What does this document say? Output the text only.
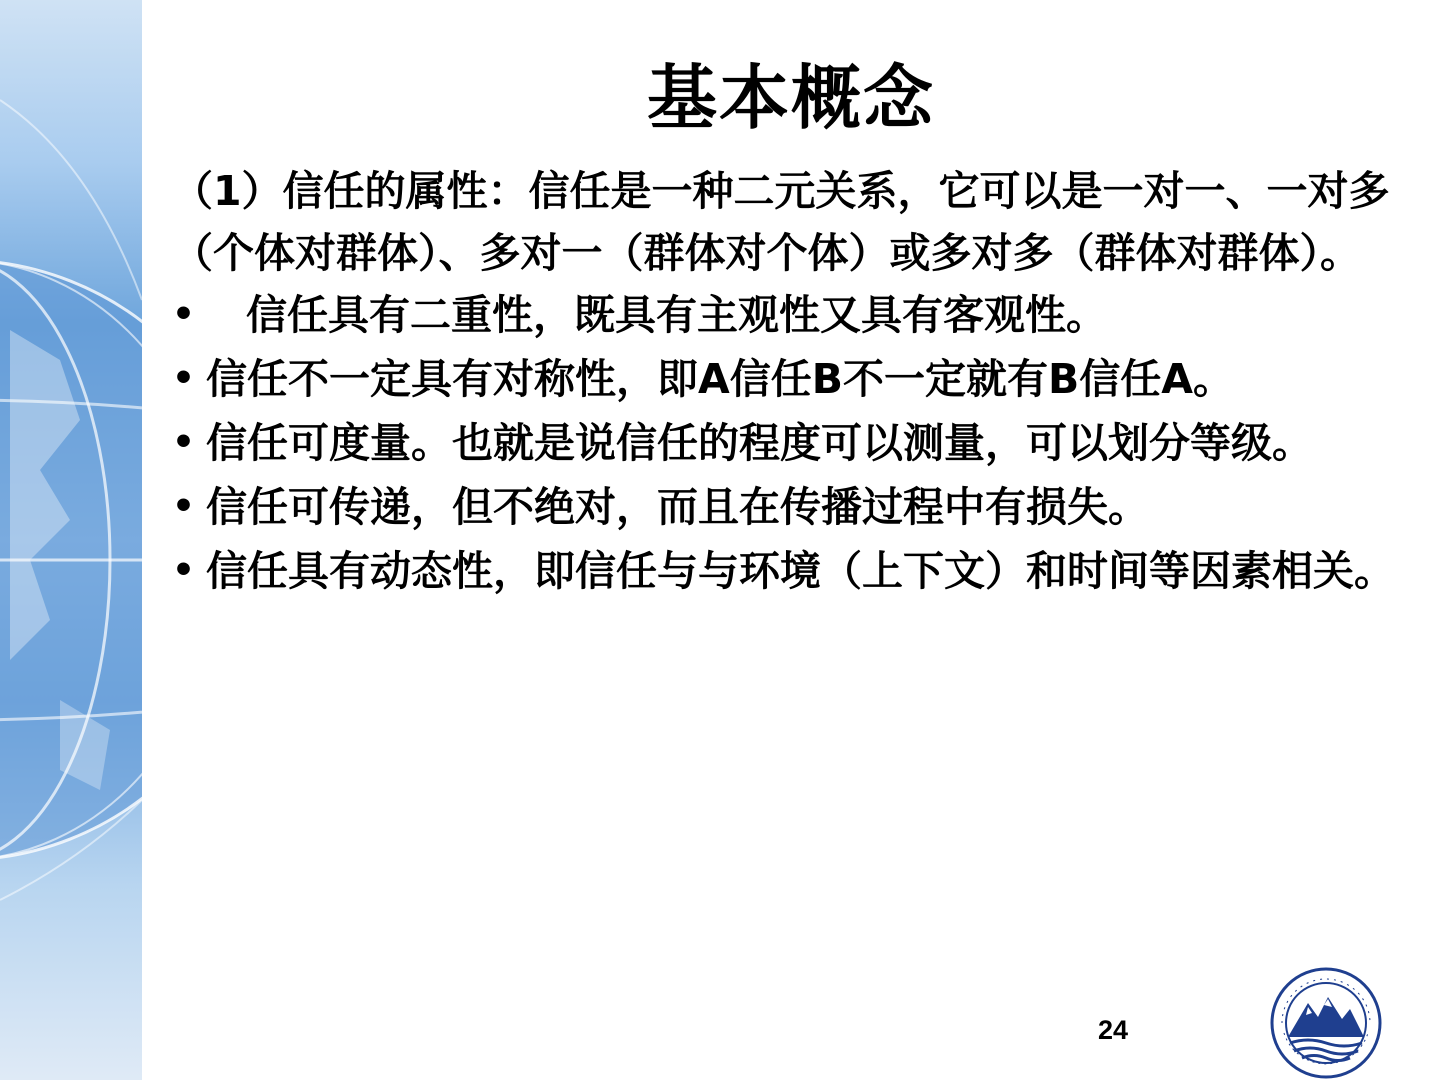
基本概念

（1）信任的属性：信任是一种二元关系，它可以是一对一、一对多（个体对群体）、多对一（群体对个体）或多对多（群体对群体）。

•	信任具有二重性，既具有主观性又具有客观性。
• 信任不一定具有对称性，即A信任B不一定就有B信任A。
• 信任可度量。也就是说信任的程度可以测量，可以划分等级。
• 信任可传递，但不绝对，而且在传播过程中有损失。
• 信任具有动态性，即信任与与环境（上下文）和时间等因素相关。
24
